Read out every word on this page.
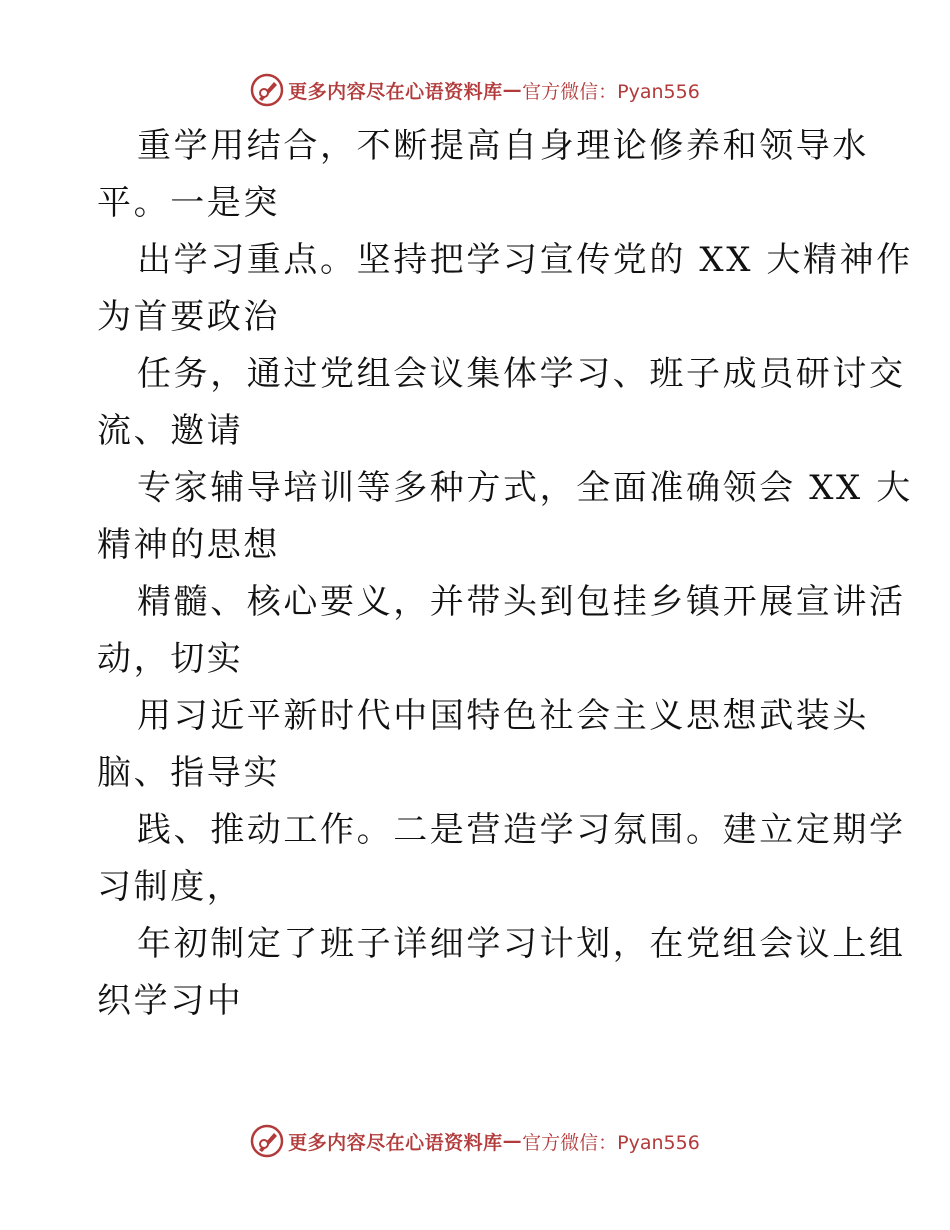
更多内容尽在心语资料库 — 官方微信：Pyan556
重学用结合，不断提高自身理论修养和领导水
平。一是突
出学习重点。坚持把学习宣传党的 XX 大精神作
为首要政治
任务，通过党组会议集体学习、班子成员研讨交
流、邀请
专家辅导培训等多种方式，全面准确领会 XX 大
精神的思想
精髓、核心要义，并带头到包挂乡镇开展宣讲活
动，切实
用习近平新时代中国特色社会主义思想武装头
脑、指导实
践、推动工作。二是营造学习氛围。建立定期学
习制度，
年初制定了班子详细学习计划，在党组会议上组
织学习中
更多内容尽在心语资料库 — 官方微信：Pyan556
